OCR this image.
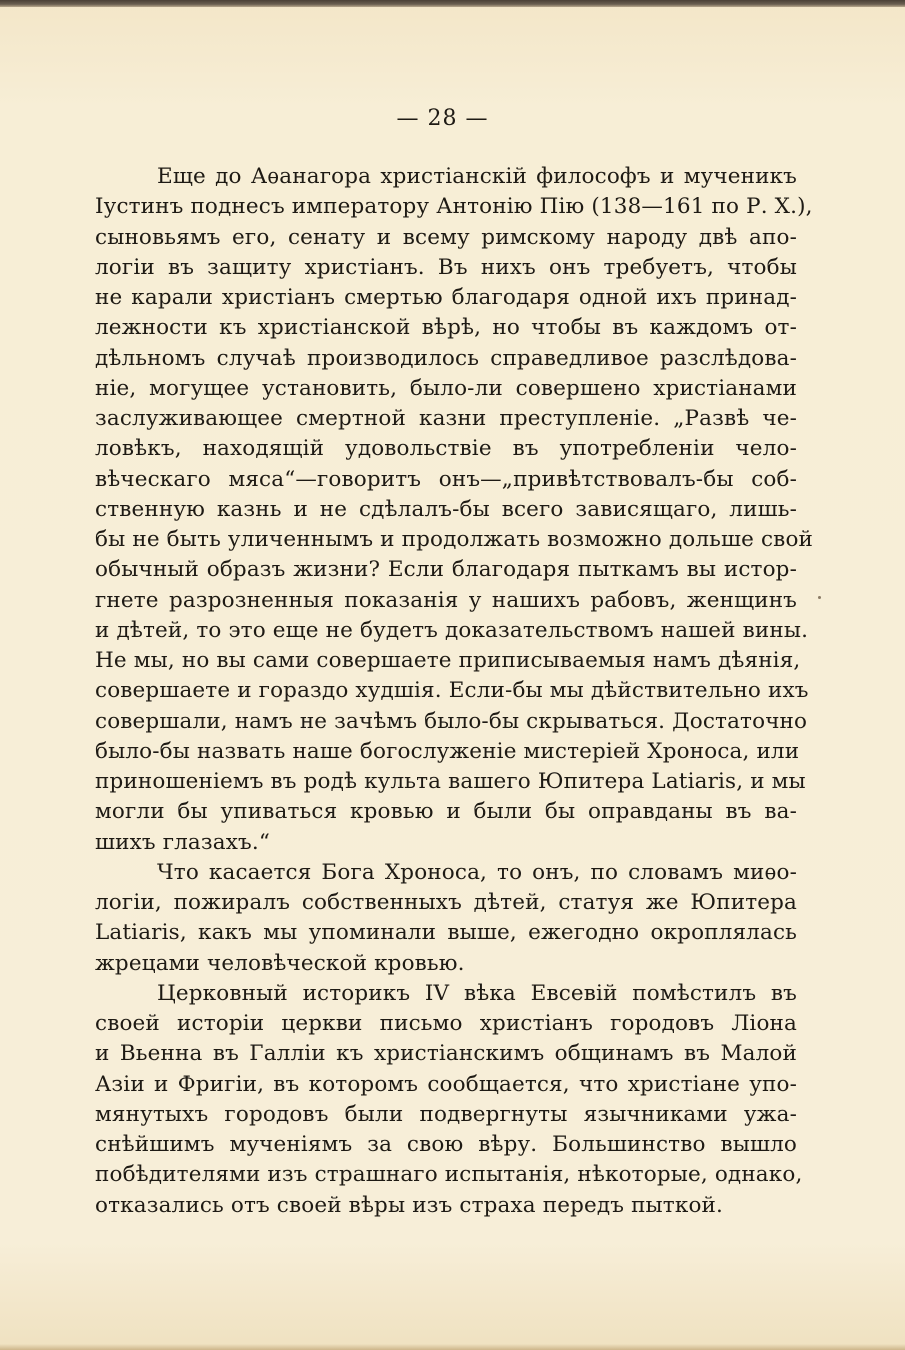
— 28 —
Еще до Аѳанагора христіанскій философъ и мученикъ
Іустинъ поднесъ императору Антонію Пію (138—161 по Р. Х.),
сыновьямъ его, сенату и всему римскому народу двѣ апо-
логіи въ защиту христіанъ. Въ нихъ онъ требуетъ, чтобы
не карали христіанъ смертью благодаря одной ихъ принад-
лежности къ христіанской вѣрѣ, но чтобы въ каждомъ от-
дѣльномъ случаѣ производилось справедливое разслѣдова-
ніе, могущее установить, было-ли совершено христіанами
заслуживающее смертной казни преступленіе. „Развѣ че-
ловѣкъ, находящій удовольствіе въ употребленіи чело-
вѣческаго мяса“—говоритъ онъ—„привѣтствовалъ-бы соб-
ственную казнь и не сдѣлалъ-бы всего зависящаго, лишь-
бы не быть уличеннымъ и продолжать возможно дольше свой
обычный образъ жизни? Если благодаря пыткамъ вы истор-
гнете разрозненныя показанія у нашихъ рабовъ, женщинъ
и дѣтей, то это еще не будетъ доказательствомъ нашей вины.
Не мы, но вы сами совершаете приписываемыя намъ дѣянія,
совершаете и гораздо худшія. Если-бы мы дѣйствительно ихъ
совершали, намъ не зачѣмъ было-бы скрываться. Достаточно
было-бы назвать наше богослуженіе мистеріей Хроноса, или
приношеніемъ въ родѣ культа вашего Юпитера Latiaris, и мы
могли бы упиваться кровью и были бы оправданы въ ва-
шихъ глазахъ.“
Что касается Бога Хроноса, то онъ, по словамъ миѳо-
логіи, пожиралъ собственныхъ дѣтей, статуя же Юпитера
Latiaris, какъ мы упоминали выше, ежегодно окроплялась
жрецами человѣческой кровью.
Церковный историкъ IV вѣка Евсевій помѣстилъ въ
своей исторіи церкви письмо христіанъ городовъ Ліона
и Вьенна въ Галліи къ христіанскимъ общинамъ въ Малой
Азіи и Фригіи, въ которомъ сообщается, что христіане упо-
мянутыхъ городовъ были подвергнуты язычниками ужа-
снѣйшимъ мученіямъ за свою вѣру. Большинство вышло
побѣдителями изъ страшнаго испытанія, нѣкоторые, однако,
отказались отъ своей вѣры изъ страха передъ пыткой.
